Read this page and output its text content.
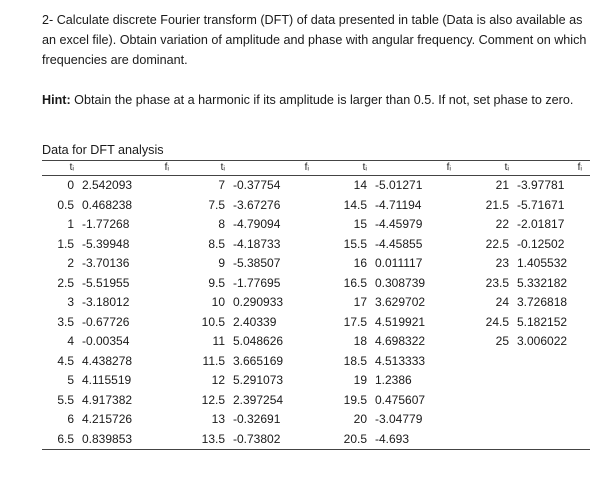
2- Calculate discrete Fourier transform (DFT) of data presented in table (Data is also available as an excel file). Obtain variation of amplitude and phase with angular frequency. Comment on which frequencies are dominant.

Hint: Obtain the phase at a harmonic if its amplitude is larger than 0.5. If not, set phase to zero.

Data for DFT analysis
tᵢ	fᵢ	tᵢ	fᵢ	tᵢ	fᵢ	tᵢ	fᵢ
0	2.542093	7	-0.37754	14	-5.01271	21	-3.97781
0.5	0.468238	7.5	-3.67276	14.5	-4.71194	21.5	-5.71671
1	-1.77268	8	-4.79094	15	-4.45979	22	-2.01817
1.5	-5.39948	8.5	-4.18733	15.5	-4.45855	22.5	-0.12502
2	-3.70136	9	-5.38507	16	0.011117	23	1.405532
2.5	-5.51955	9.5	-1.77695	16.5	0.308739	23.5	5.332182
3	-3.18012	10	0.290933	17	3.629702	24	3.726818
3.5	-0.67726	10.5	2.40339	17.5	4.519921	24.5	5.182152
4	-0.00354	11	5.048626	18	4.698322	25	3.006022
4.5	4.438278	11.5	3.665169	18.5	4.513333		
5	4.115519	12	5.291073	19	1.2386		
5.5	4.917382	12.5	2.397254	19.5	0.475607		
6	4.215726	13	-0.32691	20	-3.04779		
6.5	0.839853	13.5	-0.73802	20.5	-4.693		
